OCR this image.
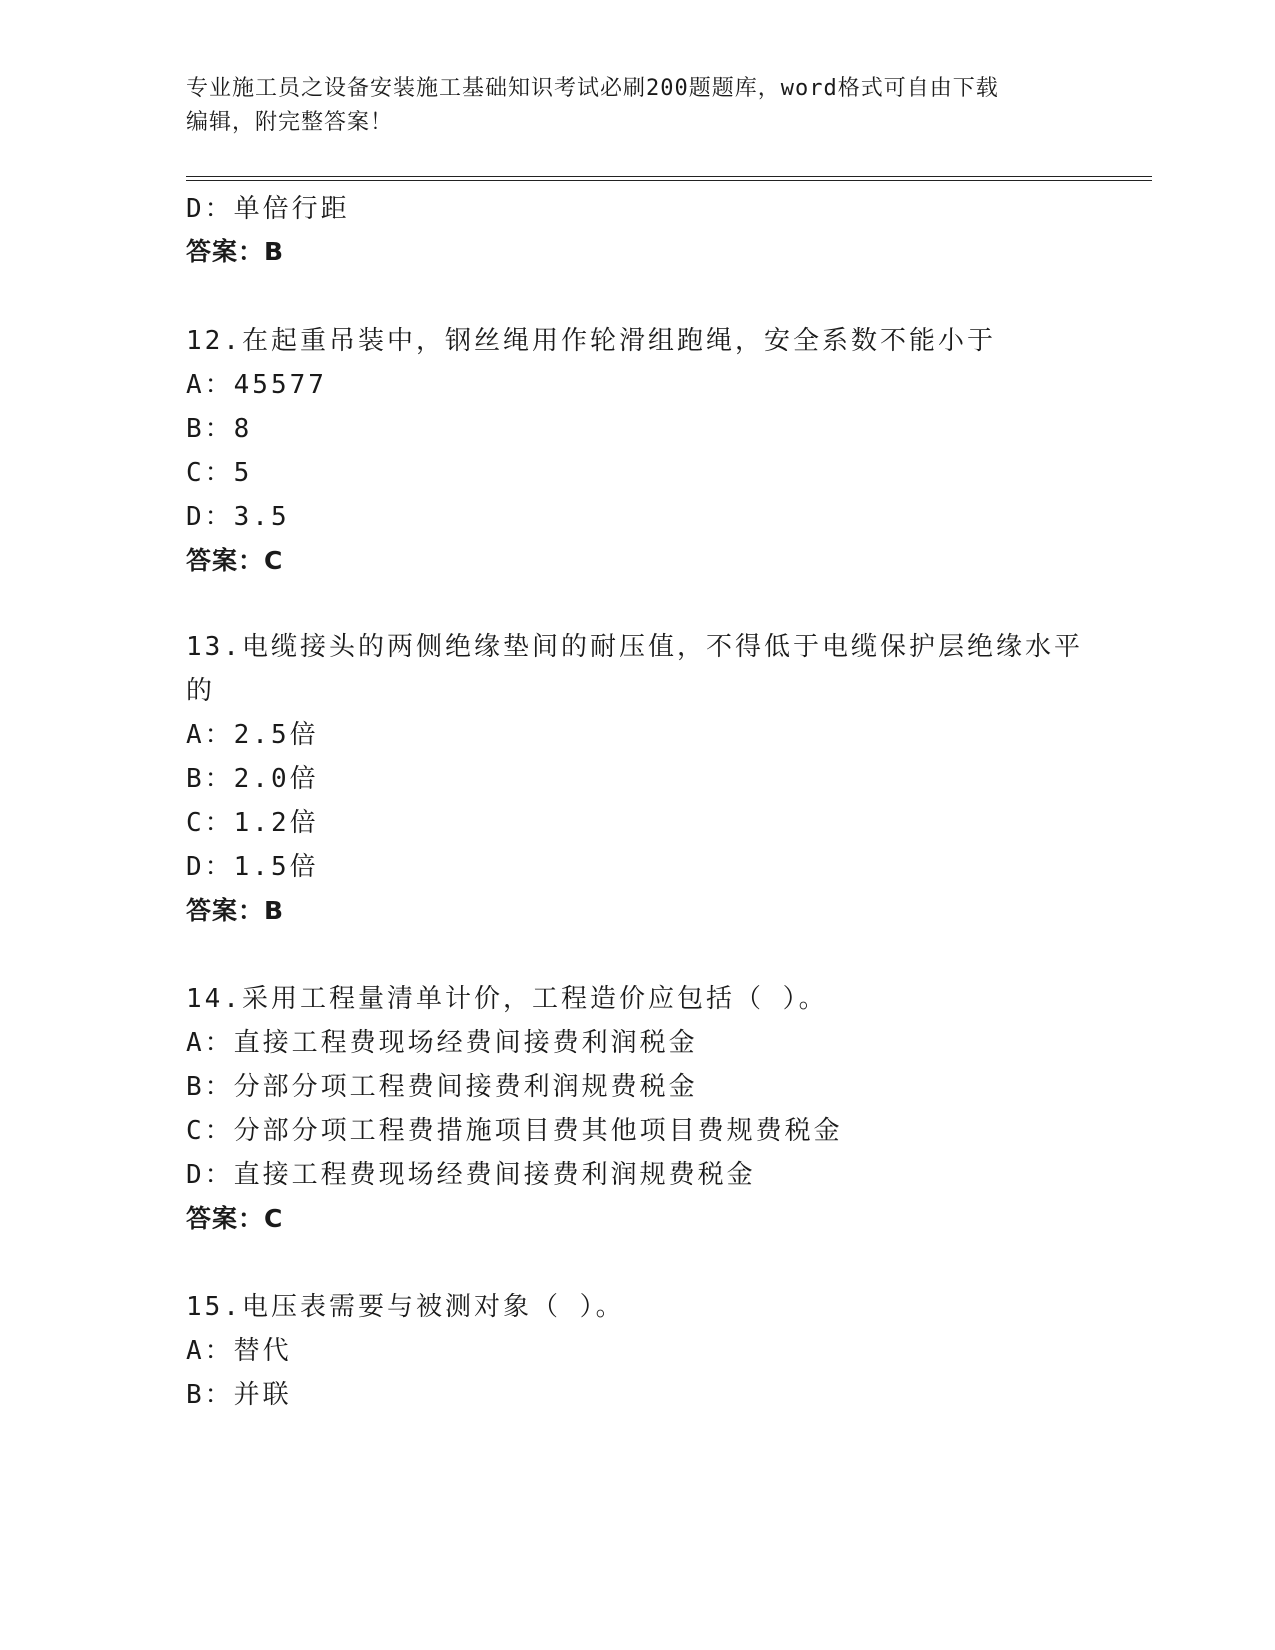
专业施工员之设备安装施工基础知识考试必刷200题题库，word格式可自由下载
编辑，附完整答案！
D：单倍行距
答案：B
12.在起重吊装中，钢丝绳用作轮滑组跑绳，安全系数不能小于
A：45577
B：8
C：5
D：3.5
答案：C
13.电缆接头的两侧绝缘垫间的耐压值，不得低于电缆保护层绝缘水平
的
A：2.5倍
B：2.0倍
C：1.2倍
D：1.5倍
答案：B
14.采用工程量清单计价，工程造价应包括（ ）。
A：直接工程费现场经费间接费利润税金
B：分部分项工程费间接费利润规费税金
C：分部分项工程费措施项目费其他项目费规费税金
D：直接工程费现场经费间接费利润规费税金
答案：C
15.电压表需要与被测对象（ ）。
A：替代
B：并联
